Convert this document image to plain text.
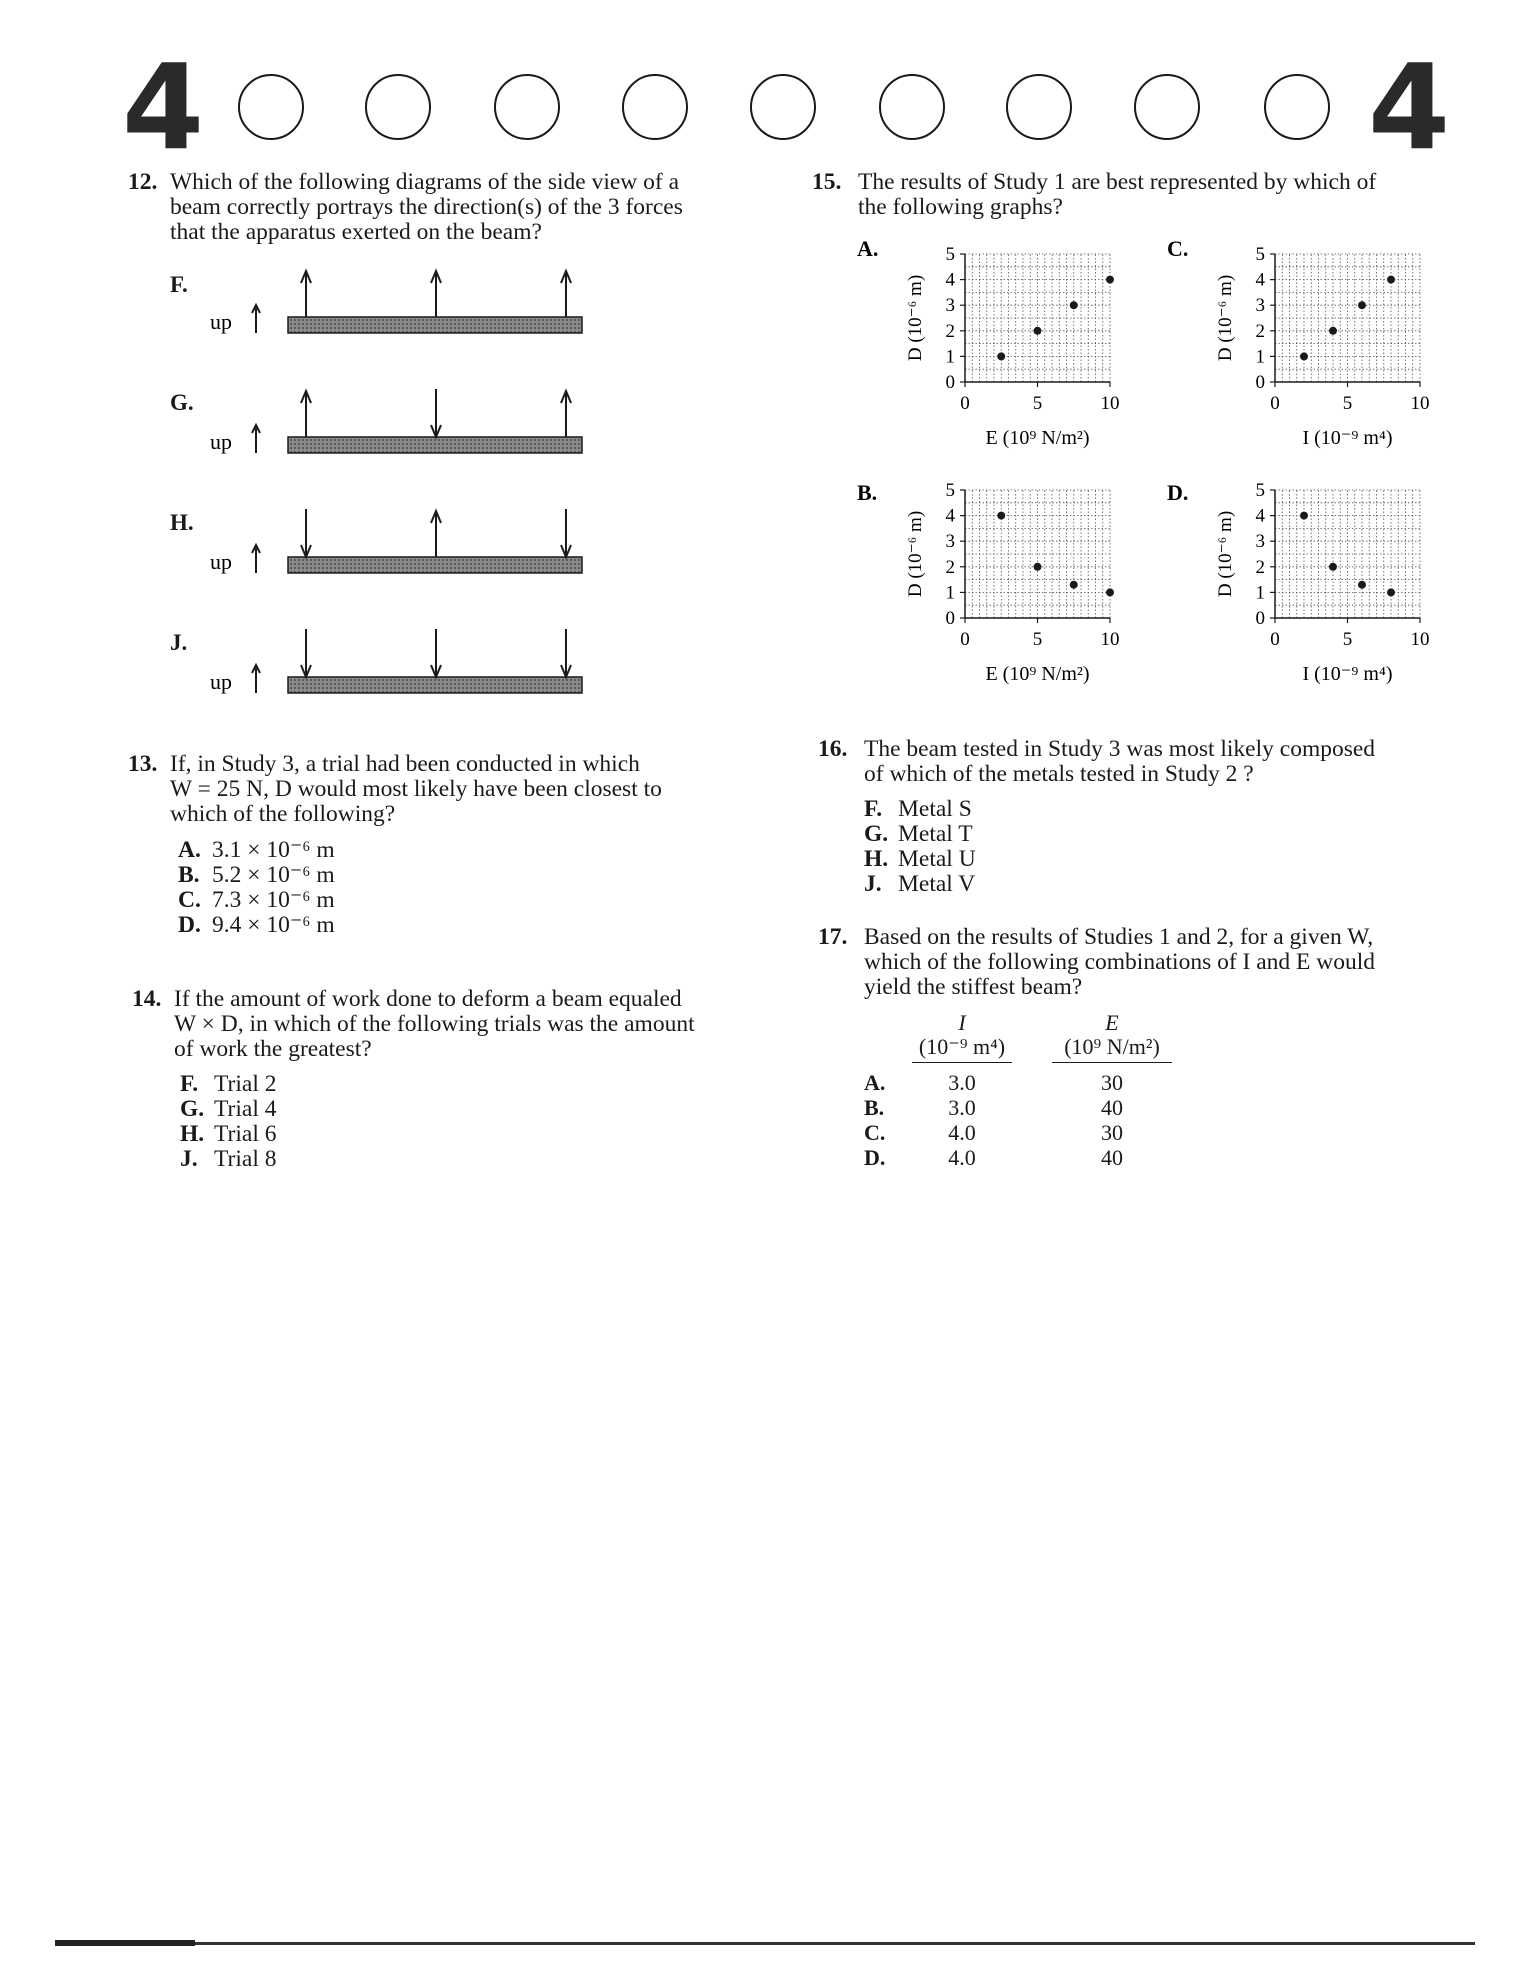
4	4
12. Which of the following diagrams of the side view of a
beam correctly portrays the direction(s) of the 3 forces
that the apparatus exerted on the beam?
F.
G.
H.
J.
up
up
up
up
13. If, in Study 3, a trial had been conducted in which
W = 25 N, D would most likely have been closest to
which of the following?
A. 3.1 × 10⁻⁶ m
B. 5.2 × 10⁻⁶ m
C. 7.3 × 10⁻⁶ m
D. 9.4 × 10⁻⁶ m
14. If the amount of work done to deform a beam equaled
W × D, in which of the following trials was the amount
of work the greatest?
F. Trial 2
G. Trial 4
H. Trial 6
J. Trial 8
15. The results of Study 1 are best represented by which of
the following graphs?
A.
0
1
2
3
4
5
0	5	10
D (10⁻⁶ m)
E (10⁹ N/m²)
C.
0
1
2
3
4
5
0	5	10
D (10⁻⁶ m)
I (10⁻⁹ m⁴)
B.
0
1
2
3
4
5
0	5	10
D (10⁻⁶ m)
E (10⁹ N/m²)
D.
0
1
2
3
4
5
0	5	10
D (10⁻⁶ m)
I (10⁻⁹ m⁴)
16. The beam tested in Study 3 was most likely composed
of which of the metals tested in Study 2 ?
F. Metal S
G. Metal T
H. Metal U
J. Metal V
17. Based on the results of Studies 1 and 2, for a given W,
which of the following combinations of I and E would
yield the stiffest beam?
I	E
(10⁻⁹ m⁴)	(10⁹ N/m²)
A.	3.0	30
B.	3.0	40
C.	4.0	30
D.	4.0	40
